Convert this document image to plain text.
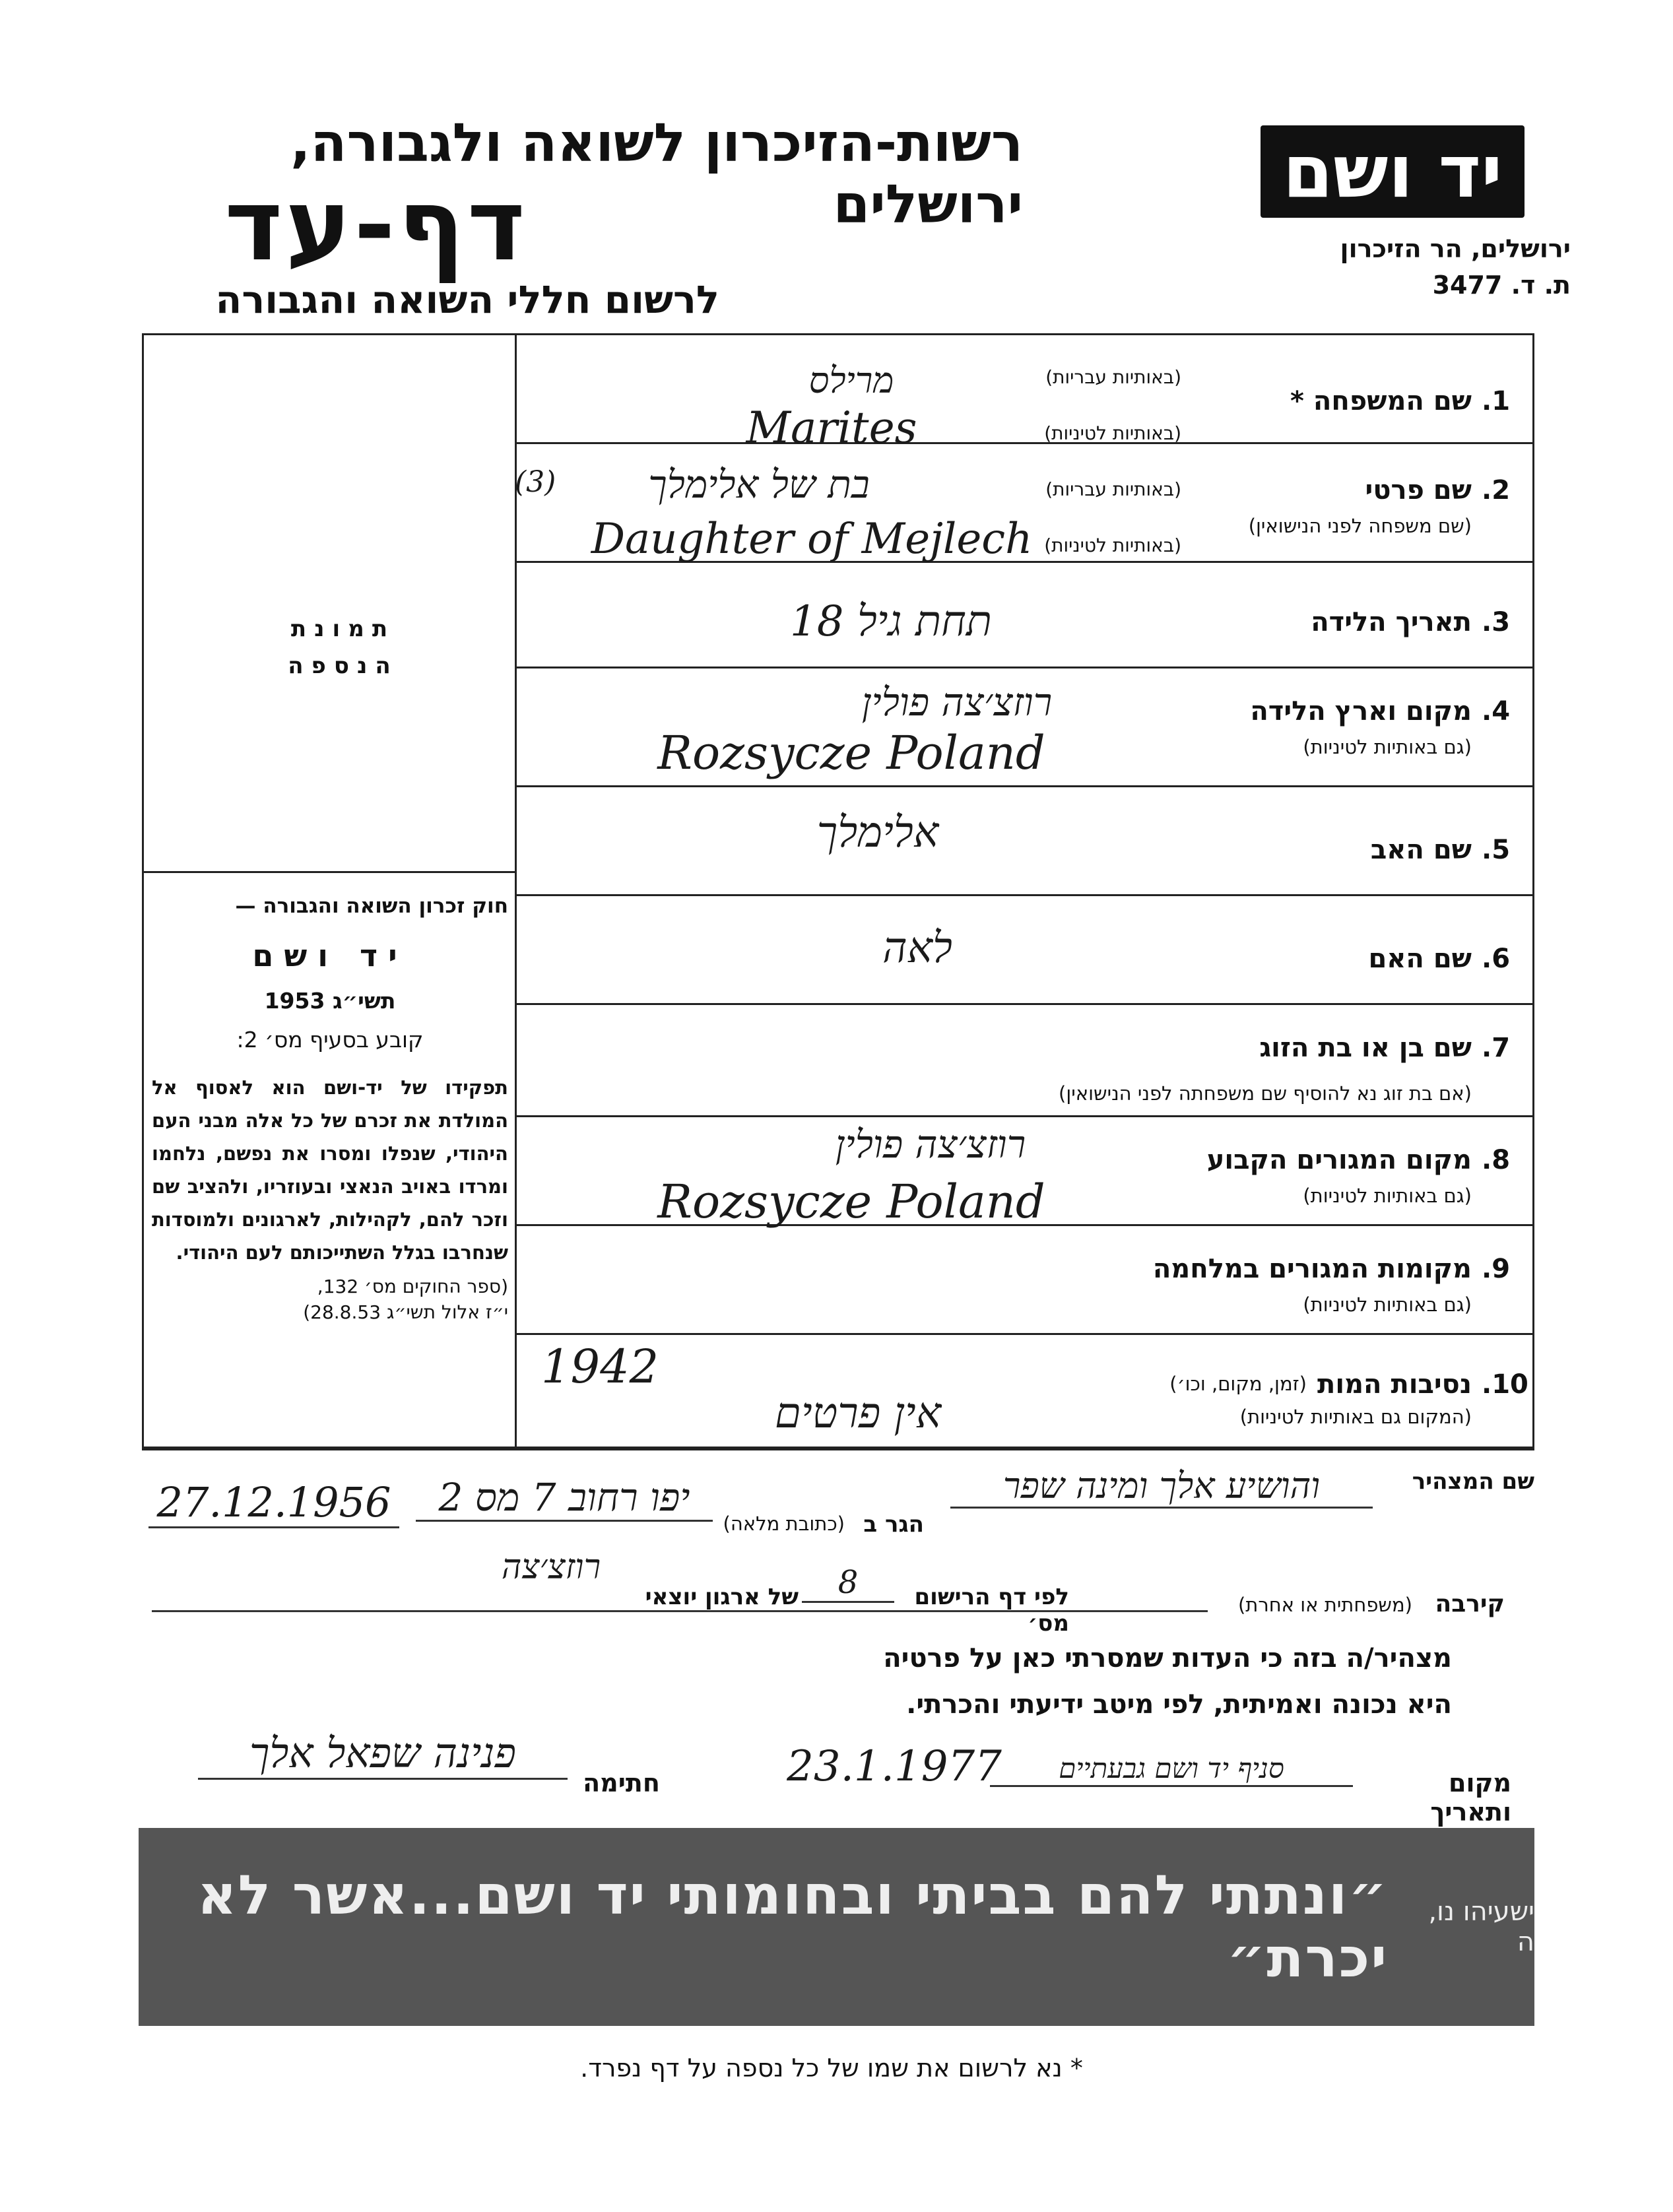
יד ושם
ירושלים, הר הזיכרון
ת. ד. 3477
רשות-הזיכרון לשואה ולגבורה, ירושלים
דף-עד
לרשום חללי השואה והגבורה
1.
שם המשפחה *
(באותיות עבריות)
(באותיות לטיניות)
מרילס
Marites
2.
שם פרטי
(שם משפחה לפני הנישואין)
(באותיות עבריות)
(באותיות לטיניות)
בת של אלימלך
(3)
Daughter of Mejlech
3.
תאריך הלידה
תחת גיל 18
4.
מקום וארץ הלידה
(גם באותיות לטיניות)
רוזצ׳צה פולין
Rozsycze Poland
5.
שם האב
אלימלך
6.
שם האם
לאה
7.
שם בן או בת הזוג
(אם בת זוג נא להוסיף שם משפחתה לפני הנישואין)
8.
מקום המגורים הקבוע
(גם באותיות לטיניות)
רוזצ׳צה פולין
Rozsycze Poland
9.
מקומות המגורים במלחמה
(גם באותיות לטיניות)
10.
נסיבות המות
(זמן, מקום, וכו׳)
(המקום גם באותיות לטיניות)
1942
אין פרטים
תמונת
הנספה
חוק זכרון השואה והגבורה —
יד ושם
תשי״ג 1953
קובע בסעיף מס׳ 2:
תפקידו של יד-ושם הוא לאסוף אל המולדת את זכרם של כל אלה מבני העם היהודי, שנפלו ומסרו את נפשם, נלחמו ומרדו באויב הנאצי ובעוזריו, ולהציב שם וזכר להם, לקהילות, לארגונים ולמוסדות שנחרבו בגלל השתייכותם לעם היהודי.
(ספר החוקים מס׳ 132,
י״ז אלול תשי״ג 28.8.53)
שם המצהיר
והושיע אלך ומינה שפר
הגר ב
(כתובת מלאה)
יפו רחוב 7 מס 2
27.12.1956
לפי דף הרישום מס׳
8
של ארגון יוצאי
רוזצ׳צה
קירבה
(משפחתית או אחרת)
מצהיר/ה בזה כי העדות שמסרתי כאן על פרטיה
היא נכונה ואמיתית, לפי מיטב ידיעתי והכרתי.
מקום ותאריך
סניף יד ושם גבעתיים
23.1.1977
חתימה
פנינה שפאל אלך
ישעיהו נו, ה
״ונתתי להם בביתי ובחומותי יד ושם...אשר לא יכרת״
* נא לרשום את שמו של כל נספה על דף נפרד.
